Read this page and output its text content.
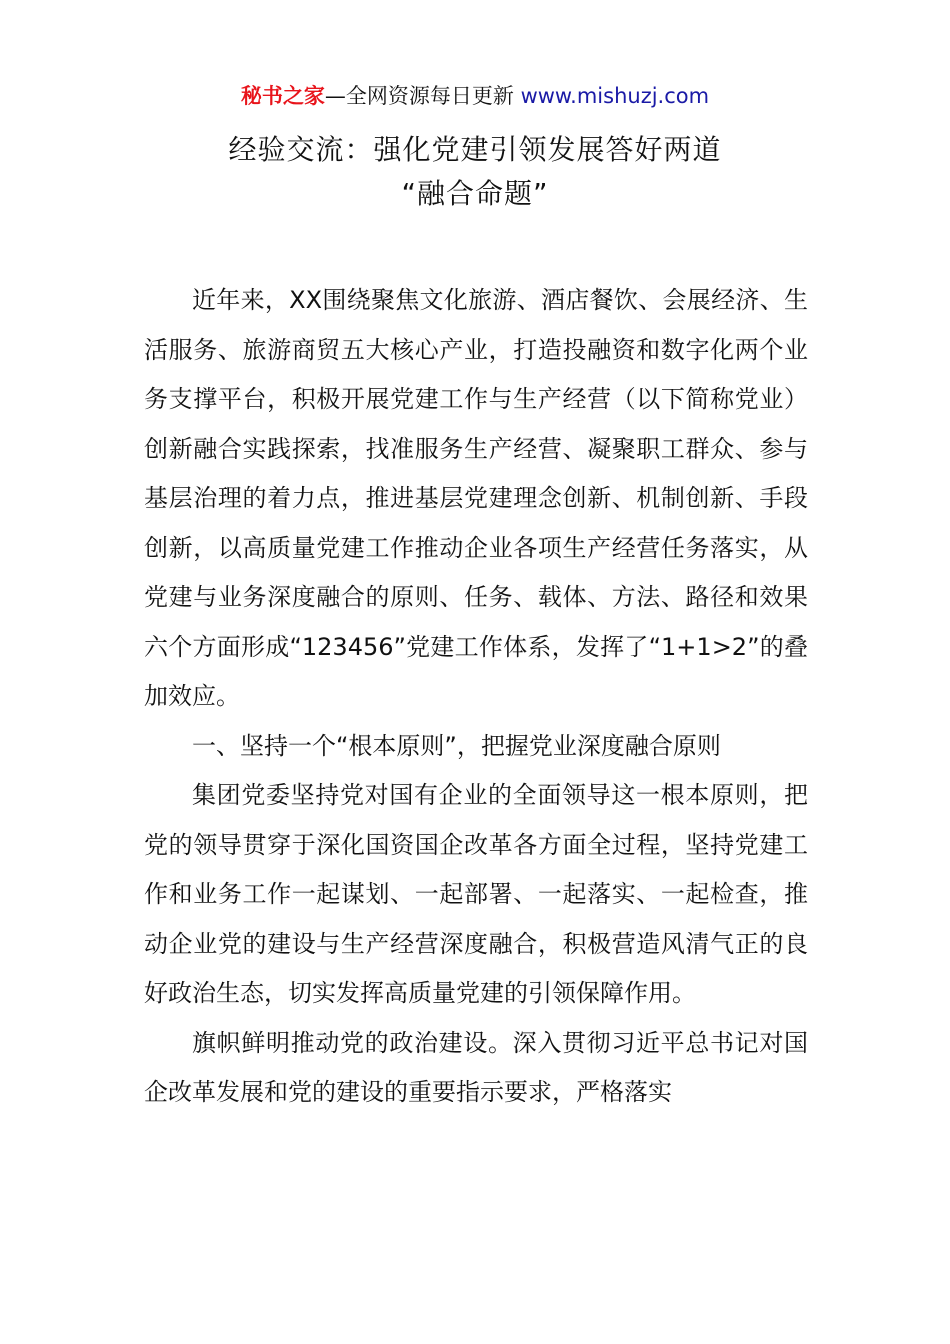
秘书之家—全网资源每日更新 www.mishuzj.com
经验交流：强化党建引领发展答好两道
“融合命题”

近年来，XX围绕聚焦文化旅游、酒店餐饮、会展经济、生活服务、旅游商贸五大核心产业，打造投融资和数字化两个业务支撑平台，积极开展党建工作与生产经营（以下简称党业）创新融合实践探索，找准服务生产经营、凝聚职工群众、参与基层治理的着力点，推进基层党建理念创新、机制创新、手段创新，以高质量党建工作推动企业各项生产经营任务落实，从党建与业务深度融合的原则、任务、载体、方法、路径和效果六个方面形成“123456”党建工作体系，发挥了“1+1>2”的叠加效应。

一、坚持一个“根本原则”，把握党业深度融合原则

集团党委坚持党对国有企业的全面领导这一根本原则，把党的领导贯穿于深化国资国企改革各方面全过程，坚持党建工作和业务工作一起谋划、一起部署、一起落实、一起检查，推动企业党的建设与生产经营深度融合，积极营造风清气正的良好政治生态，切实发挥高质量党建的引领保障作用。

旗帜鲜明推动党的政治建设。深入贯彻习近平总书记对国企改革发展和党的建设的重要指示要求，严格落实
